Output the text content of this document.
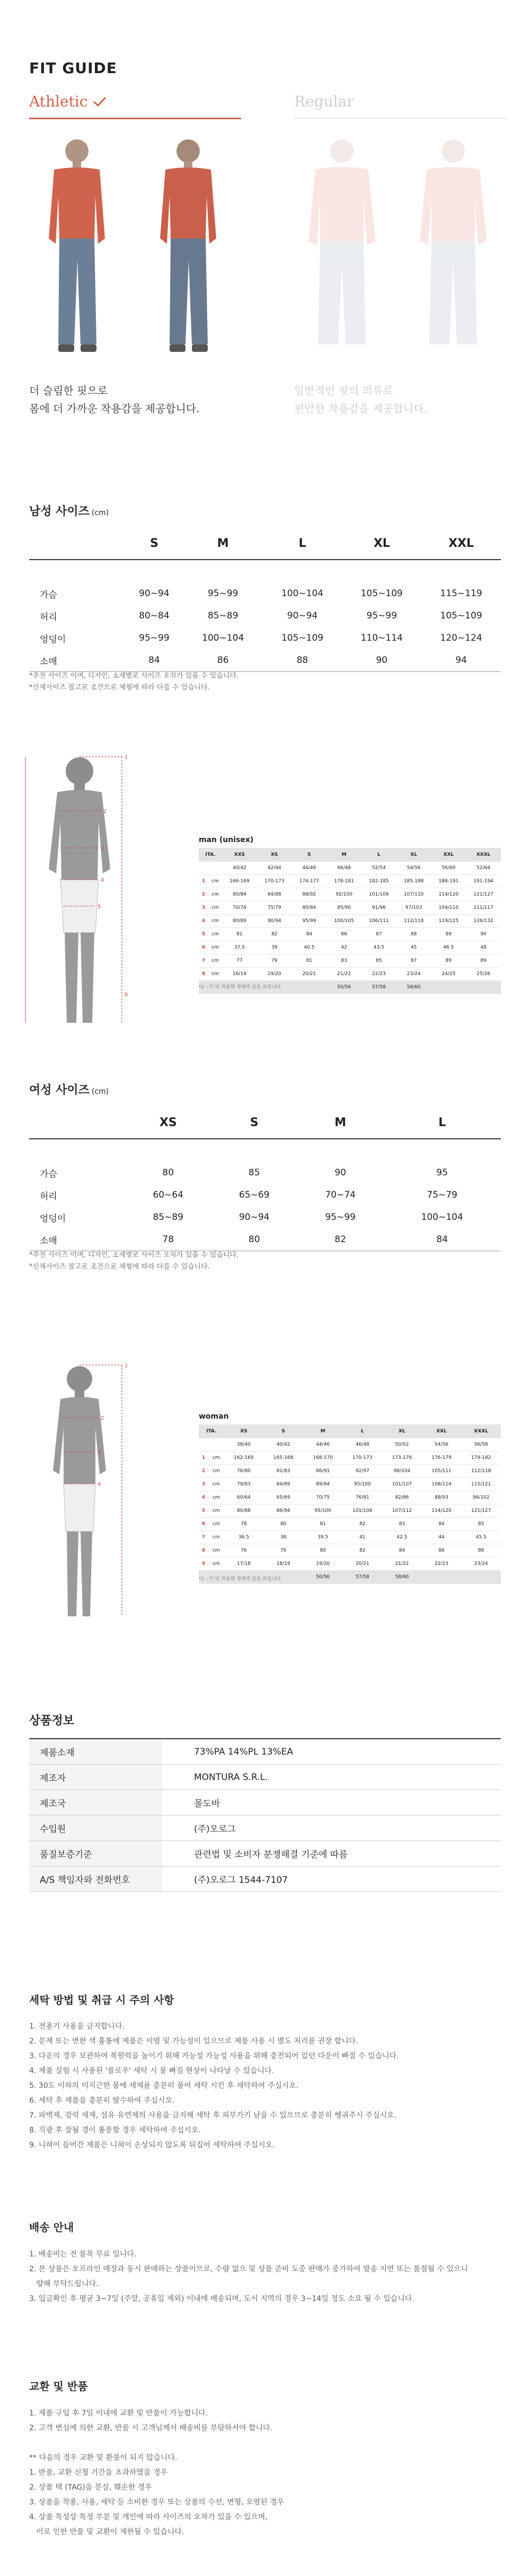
FIT GUIDE
Athletic	Regular
더 슬림한 핏으로
몸에 더 가까운 착용감을 제공합니다.
일반적인 핏의 의류로
편안한 착용감을 제공합니다.
남성 사이즈 (cm)
	S	M	L	XL	XXL

가슴	90~94	95~99	100~104	105~109	115~119
허리	80~84	85~89	90~94	95~99	105~109
엉덩이	95~99	100~104	105~109	110~114	120~124
소매	84	86	88	90	94
*추천 사이즈 이며, 디자인, 소재별로 사이즈 오차가 있을 수 있습니다.
*신체사이즈 참고로 조건으로 체형에 따라 다를 수 있습니다.
1
2
3
4
5
6
man (unisex)
ITA.		XXS	XS	S	M	L	XL	XXL	XXXL
		40/42	42/44	44/46	46/48	52/54	54/56	56/60	52/64
1	cm	166-169	170-173	174-177	178-181	182-185	185-188	188-191	191-194
2	cm	80/84	84/88	88/92	92/100	101/106	107/110	114/120	121/127
3	cm	70/74	75/79	80/84	85/90	91/96	97/103	104/110	111/117
4	cm	80/89	90/94	95/99	100/105	106/111	112/118	119/125	126/132
5	cm	81	82	84	86	87	88	89	90
6	cm	37.5	39	40.5	42	43.5	45	46.5	48
7	cm	77	79	81	83	85	87	89	89
8	cm	16/19	19/20	20/21	21/22	22/23	23/24	24/25	25/26
					50/56	57/58	58/60		
*1 : 키 및 착용해 정해져 있음 표입니다.
여성 사이즈 (cm)
	XS	S	M	L

가슴	80	85	90	95
허리	60~64	65~69	70~74	75~79
엉덩이	85~89	90~94	95~99	100~104
소매	78	80	82	84
*추천 사이즈 이며, 디자인, 소재별로 사이즈 오차가 있을 수 있습니다.
*신체사이즈 참고로 조건으로 체형에 따라 다를 수 있습니다.
1
2
3
4
woman
ITA.		XS	S	M	L	XL	XXL	XXXL
		38/40	40/42	44/46	46/48	50/52	54/56	56/58
1	cm	162-165	165-168	168-170	170-173	173-176	176-179	179-182
2	cm	76/80	81/83	86/91	92/97	98/104	105/111	112/118
3	cm	79/83	84/89	89/94	95/100	101/107	108/114	115/121
4	cm	60/64	65/69	70/75	76/81	82/86	88/93	96/102
5	cm	80/88	86/94	95/100	101/106	107/112	114/120	121/127
6	cm	78	80	81	82	83	84	85
7	cm	36.5	38	39.5	41	42.5	44	45.5
8	cm	76	76	80	82	84	86	88
9	cm	17/18	18/19	19/20	20/21	21/22	22/23	23/24
				50/56	57/58	58/60		
*1 : 키 및 착용해 정해져 있음 표입니다.
상품정보
제품소재	73%PA 14%PL 13%EA
제조자	MONTURA S.R.L.
제조국	몰도바
수입원	(주)오로그
품질보증기준	관련법 및 소비자 분쟁해결 기준에 따름
A/S 책임자와 전화번호	(주)오로그 1544-7107
세탁 방법 및 취급 시 주의 사항
1. 전용기 사용을 금지합니다.
2. 문제 또는 변한 색 흉통에 제품은 이염 및 가능성이 있으므로 제품 사용 시 별도 처리를 권장 합니다.
3. 다운의 경우 보관하여 복원력을 높이기 위해 가능성 가능성 사용을 위해 충전되어 있던 다운이 빠질 수 있습니다.
4. 제품 실험 시 사용된 '플로우' 세탁 시 물 빠짐 현상이 나타날 수 있습니다.
5. 30도 이하의 미지근한 물에 세제를 충분히 풀어 세탁 시킨 후 세탁하여 주십시오.
6. 세탁 후 제품을 충분히 탈수하여 주십시오.
7. 파벽제, 강력 세제, 섬유 유연제의 사용을 금지해 세탁 후 피부가기 남을 수 있으므로 충분히 헹궈주시 주십시오.
8. 직광 후 잘될 경이 통풍할 경우 세탁하여 주십시오.
9. 니혀이 들어간 제품은 니혀이 손상되지 않도록 뒤집어 세탁하여 주십시오.
배송 안내
1. 배송비는 전 품목 무료 입니다.
2. 본 상품은 오프라인 매장과 동시 판매하는 상품이므로, 수량 없으 및 상품 준비 도중 판매가 중가하여 발송 지연 또는 품절될 수 있으니
양해 부탁드립니다.
3. 입금확인 후 평균 3~7일 (주말, 공휴일 제외) 이내에 배송되며, 도서 지역의 경우 3~14일 정도 소요 될 수 있습니다.
교환 및 반품
1. 제품 구입 후 7일 이내에 교환 및 반품이 가능합니다.
2. 고객 변심에 의한 교환, 반품 시 고객님께서 배송비를 부담하셔야 합니다.
** 다음의 경우 교환 및 환불이 되지 않습니다.
1. 반품, 교환 신청 기간을 초과하였을 경우
2. 상품 택 (TAG)을 분실, 훼손한 경우
3. 상품을 착용, 사용, 세탁 등 소비한 경우 또는 상품의 수선, 변형, 오염된 경우
4. 상품 특성상 특정 부분 및 개인에 따라 사이즈의 오차가 있을 수 있으며,
이로 인한 반품 및 교환이 제한될 수 있습니다.
